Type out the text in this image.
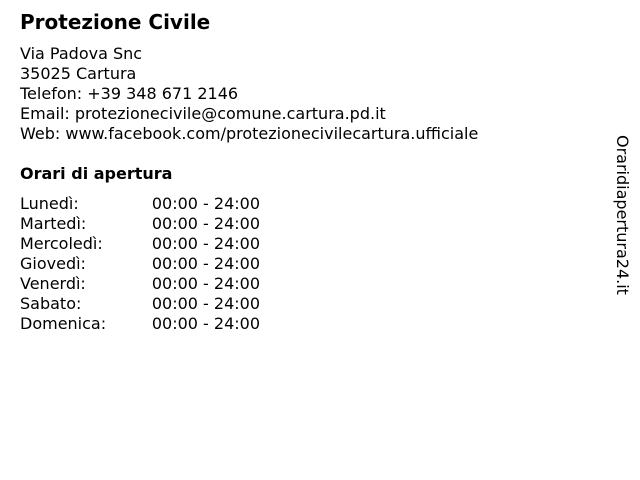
Protezione Civile
Via Padova Snc
35025 Cartura
Telefon: +39 348 671 2146
Email: protezionecivile@comune.cartura.pd.it
Web: www.facebook.com/protezionecivilecartura.ufficiale
Orari di apertura
Lunedì:	00:00 - 24:00
Martedì:	00:00 - 24:00
Mercoledì:	00:00 - 24:00
Giovedì:	00:00 - 24:00
Venerdì:	00:00 - 24:00
Sabato:	00:00 - 24:00
Domenica:	00:00 - 24:00
Oraridiapertura24.it
